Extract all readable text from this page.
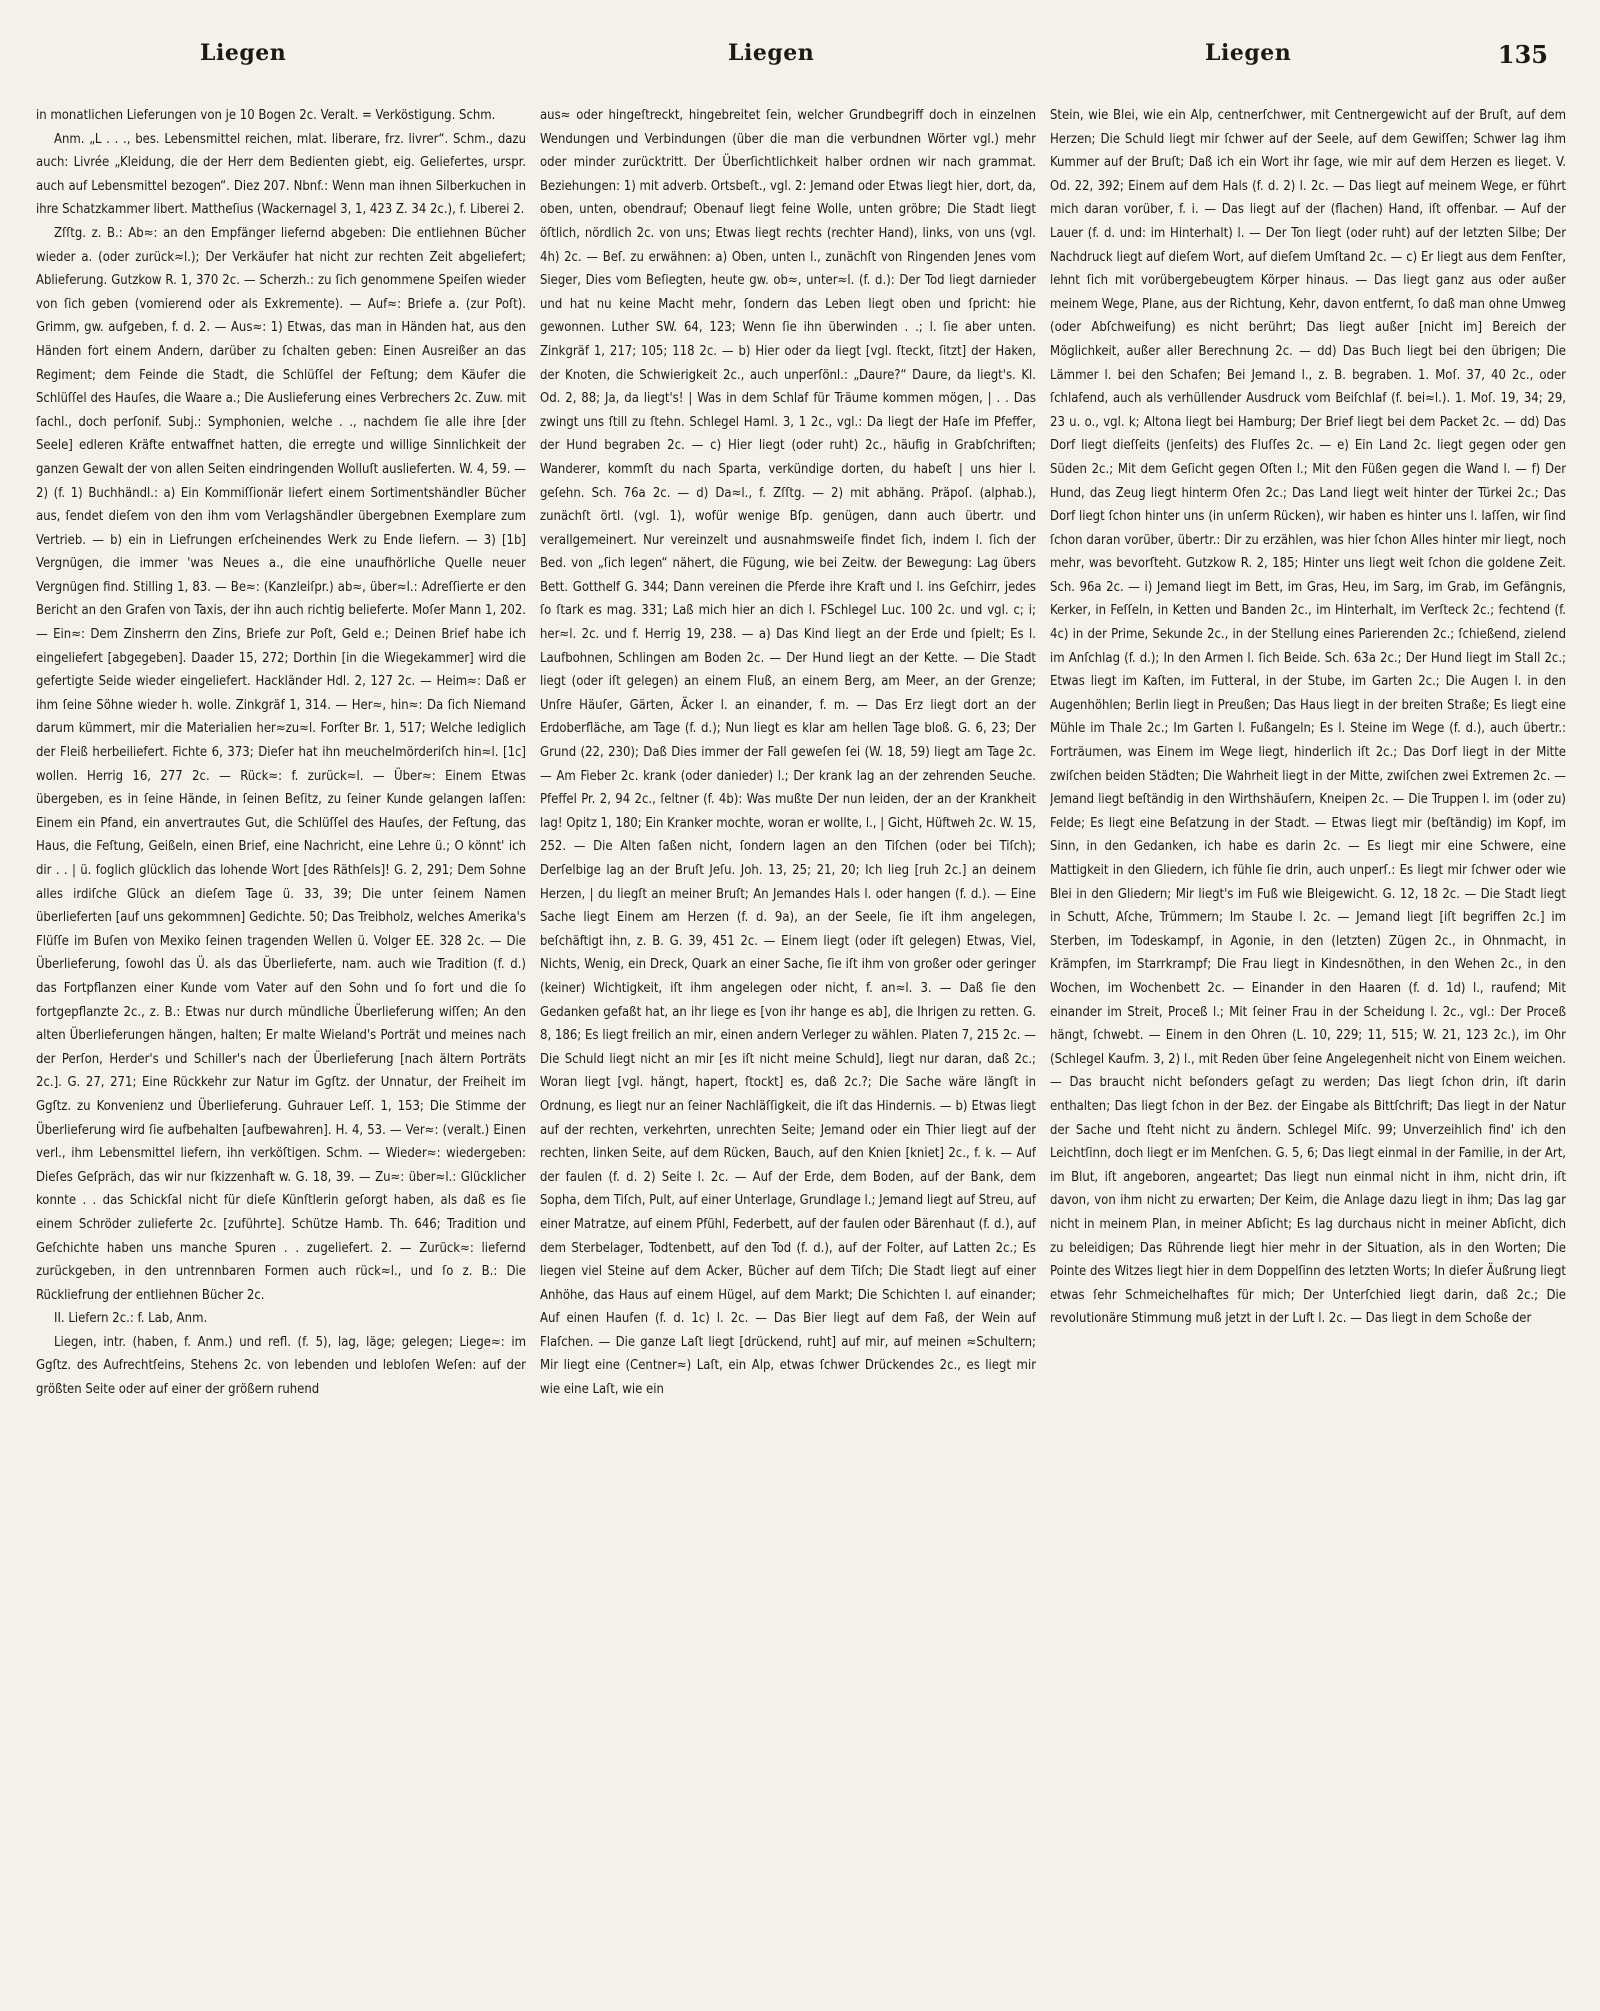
Liegen	Liegen	Liegen	135

in monatlichen Lieferungen von je 10 Bogen 2c. Veralt. = Verköstigung. Schm.

Anm. „L . . ., bes. Lebensmittel reichen, mlat. liberare, frz. livrer“. Schm., dazu auch: Livrée „Kleidung, die der Herr dem Bedienten giebt, eig. Geliefertes, urspr. auch auf Lebensmittel bezogen“. Diez 207. Nbnf.: Wenn man ihnen Silberkuchen in ihre Schatzkammer libert. Mattheſius (Wackernagel 3, 1, 423 Z. 34 2c.), f. Liberei 2.

Zſſtg. z. B.: Ab≈: an den Empfänger liefernd abgeben: Die entliehnen Bücher wieder a. (oder zurück≈l.); Der Verkäufer hat nicht zur rechten Zeit abgeliefert; Ablieferung. Gutzkow R. 1, 370 2c. — Scherzh.: zu ſich genommene Speiſen wieder von ſich geben (vomierend oder als Exkremente). — Auf≈: Briefe a. (zur Poſt). Grimm, gw. aufgeben, f. d. 2. — Aus≈: 1) Etwas, das man in Händen hat, aus den Händen fort einem Andern, darüber zu ſchalten geben: Einen Ausreißer an das Regiment; dem Feinde die Stadt, die Schlüſſel der Feſtung; dem Käufer die Schlüſſel des Hauſes, die Waare a.; Die Auslieferung eines Verbrechers 2c. Zuw. mit ſachl., doch perſonif. Subj.: Symphonien, welche . ., nachdem ſie alle ihre [der Seele] edleren Kräfte entwaffnet hatten, die erregte und willige Sinnlichkeit der ganzen Gewalt der von allen Seiten eindringenden Wolluſt auslieferten. W. 4, 59. — 2) (f. 1) Buchhändl.: a) Ein Kommiſſionär liefert einem Sortimentshändler Bücher aus, ſendet dieſem von den ihm vom Verlagshändler übergebnen Exemplare zum Vertrieb. — b) ein in Liefrungen erſcheinendes Werk zu Ende liefern. — 3) [1b] Vergnügen, die immer 'was Neues a., die eine unaufhörliche Quelle neuer Vergnügen find. Stilling 1, 83. — Be≈: (Kanzleiſpr.) ab≈, über≈l.: Adreſſierte er den Bericht an den Grafen von Taxis, der ihn auch richtig belieferte. Moſer Mann 1, 202. — Ein≈: Dem Zinsherrn den Zins, Briefe zur Poſt, Geld e.; Deinen Brief habe ich eingeliefert [abgegeben]. Daader 15, 272; Dorthin [in die Wiegekammer] wird die gefertigte Seide wieder eingeliefert. Hackländer Hdl. 2, 127 2c. — Heim≈: Daß er ihm ſeine Söhne wieder h. wolle. Zinkgräf 1, 314. — Her≈, hin≈: Da ſich Niemand darum kümmert, mir die Materialien her≈zu≈l. Forſter Br. 1, 517; Welche lediglich der Fleiß herbeiliefert. Fichte 6, 373; Dieſer hat ihn meuchelmörderiſch hin≈l. [1c] wollen. Herrig 16, 277 2c. — Rück≈: f. zurück≈l. — Über≈: Einem Etwas übergeben, es in ſeine Hände, in ſeinen Beſitz, zu ſeiner Kunde gelangen laſſen: Einem ein Pfand, ein anvertrautes Gut, die Schlüſſel des Hauſes, der Feſtung, das Haus, die Feſtung, Geißeln, einen Brief, eine Nachricht, eine Lehre ü.; O könnt' ich dir . . | ü. foglich glücklich das lohende Wort [des Räthſels]! G. 2, 291; Dem Sohne alles irdiſche Glück an dieſem Tage ü. 33, 39; Die unter ſeinem Namen überlieferten [auf uns gekommnen] Gedichte. 50; Das Treibholz, welches Amerika's Flüſſe im Buſen von Mexiko ſeinen tragenden Wellen ü. Volger EE. 328 2c. — Die Überlieferung, ſowohl das Ü. als das Überlieferte, nam. auch wie Tradition (f. d.) das Fortpflanzen einer Kunde vom Vater auf den Sohn und ſo fort und die ſo fortgepflanzte 2c., z. B.: Etwas nur durch mündliche Überlieferung wiſſen; An den alten Überlieferungen hängen, halten; Er malte Wieland's Porträt und meines nach der Perſon, Herder's und Schiller's nach der Überlieferung [nach ältern Porträts 2c.]. G. 27, 271; Eine Rückkehr zur Natur im Ggſtz. der Unnatur, der Freiheit im Ggſtz. zu Konvenienz und Überlieferung. Guhrauer Leſſ. 1, 153; Die Stimme der Überlieferung wird ſie aufbehalten [aufbewahren]. H. 4, 53. — Ver≈: (veralt.) Einen verl., ihm Lebensmittel liefern, ihn verköſtigen. Schm. — Wieder≈: wiedergeben: Dieſes Geſpräch, das wir nur ſkizzenhaft w. G. 18, 39. — Zu≈: über≈l.: Glücklicher konnte . . das Schickſal nicht für dieſe Künſtlerin geſorgt haben, als daß es ſie einem Schröder zulieferte 2c. [zuführte]. Schütze Hamb. Th. 646; Tradition und Geſchichte haben uns manche Spuren . . zugeliefert. 2. — Zurück≈: liefernd zurückgeben, in den untrennbaren Formen auch rück≈l., und ſo z. B.: Die Rückliefrung der entliehnen Bücher 2c.

II. Liefern 2c.: f. Lab, Anm.

Liegen, intr. (haben, f. Anm.) und refl. (f. 5), lag, läge; gelegen; Liege≈: im Ggſtz. des Aufrechtſeins, Stehens 2c. von lebenden und lebloſen Weſen: auf der größten Seite oder auf einer der größern ruhend

aus≈ oder hingeſtreckt, hingebreitet ſein, welcher Grundbegriff doch in einzelnen Wendungen und Verbindungen (über die man die verbundnen Wörter vgl.) mehr oder minder zurücktritt. Der Überſichtlichkeit halber ordnen wir nach grammat. Beziehungen: 1) mit adverb. Ortsbeſt., vgl. 2: Jemand oder Etwas liegt hier, dort, da, oben, unten, obendrauf; Obenauf liegt feine Wolle, unten gröbre; Die Stadt liegt öſtlich, nördlich 2c. von uns; Etwas liegt rechts (rechter Hand), links, von uns (vgl. 4h) 2c. — Beſ. zu erwähnen: a) Oben, unten l., zunächſt von Ringenden Jenes vom Sieger, Dies vom Beſiegten, heute gw. ob≈, unter≈l. (f. d.): Der Tod liegt darnieder und hat nu keine Macht mehr, ſondern das Leben liegt oben und ſpricht: hie gewonnen. Luther SW. 64, 123; Wenn ſie ihn überwinden . .; l. ſie aber unten. Zinkgräf 1, 217; 105; 118 2c. — b) Hier oder da liegt [vgl. ſteckt, ſitzt] der Haken, der Knoten, die Schwierigkeit 2c., auch unperſönl.: „Daure?“ Daure, da liegt's. Kl. Od. 2, 88; Ja, da liegt's! | Was in dem Schlaf für Träume kommen mögen, | . . Das zwingt uns ſtill zu ſtehn. Schlegel Haml. 3, 1 2c., vgl.: Da liegt der Haſe im Pfeffer, der Hund begraben 2c. — c) Hier liegt (oder ruht) 2c., häufig in Grabſchriften; Wanderer, kommſt du nach Sparta, verkündige dorten, du habeſt | uns hier l. geſehn. Sch. 76a 2c. — d) Da≈l., f. Zſſtg. — 2) mit abhäng. Präpoſ. (alphab.), zunächſt örtl. (vgl. 1), wofür wenige Bſp. genügen, dann auch übertr. und verallgemeinert. Nur vereinzelt und ausnahmsweiſe findet ſich, indem l. ſich der Bed. von „ſich legen“ nähert, die Fügung, wie bei Zeitw. der Bewegung: Lag übers Bett. Gotthelf G. 344; Dann vereinen die Pferde ihre Kraft und l. ins Geſchirr, jedes ſo ſtark es mag. 331; Laß mich hier an dich l. FSchlegel Luc. 100 2c. und vgl. c; i; her≈l. 2c. und f. Herrig 19, 238. — a) Das Kind liegt an der Erde und ſpielt; Es l. Laufbohnen, Schlingen am Boden 2c. — Der Hund liegt an der Kette. — Die Stadt liegt (oder iſt gelegen) an einem Fluß, an einem Berg, am Meer, an der Grenze; Unſre Häuſer, Gärten, Äcker l. an einander, f. m. — Das Erz liegt dort an der Erdoberfläche, am Tage (f. d.); Nun liegt es klar am hellen Tage bloß. G. 6, 23; Der Grund (22, 230); Daß Dies immer der Fall geweſen ſei (W. 18, 59) liegt am Tage 2c. — Am Fieber 2c. krank (oder danieder) l.; Der krank lag an der zehrenden Seuche. Pfeffel Pr. 2, 94 2c., ſeltner (f. 4b): Was mußte Der nun leiden, der an der Krankheit lag! Opitz 1, 180; Ein Kranker mochte, woran er wollte, l., | Gicht, Hüftweh 2c. W. 15, 252. — Die Alten ſaßen nicht, ſondern lagen an den Tiſchen (oder bei Tiſch); Derſelbige lag an der Bruſt Jeſu. Joh. 13, 25; 21, 20; Ich lieg [ruh 2c.] an deinem Herzen, | du liegſt an meiner Bruſt; An Jemandes Hals l. oder hangen (f. d.). — Eine Sache liegt Einem am Herzen (f. d. 9a), an der Seele, ſie iſt ihm angelegen, beſchäftigt ihn, z. B. G. 39, 451 2c. — Einem liegt (oder iſt gelegen) Etwas, Viel, Nichts, Wenig, ein Dreck, Quark an einer Sache, ſie iſt ihm von großer oder geringer (keiner) Wichtigkeit, iſt ihm angelegen oder nicht, f. an≈l. 3. — Daß ſie den Gedanken gefaßt hat, an ihr liege es [von ihr hange es ab], die Ihrigen zu retten. G. 8, 186; Es liegt freilich an mir, einen andern Verleger zu wählen. Platen 7, 215 2c. — Die Schuld liegt nicht an mir [es iſt nicht meine Schuld], liegt nur daran, daß 2c.; Woran liegt [vgl. hängt, hapert, ſtockt] es, daß 2c.?; Die Sache wäre längſt in Ordnung, es liegt nur an ſeiner Nachläſſigkeit, die iſt das Hindernis. — b) Etwas liegt auf der rechten, verkehrten, unrechten Seite; Jemand oder ein Thier liegt auf der rechten, linken Seite, auf dem Rücken, Bauch, auf den Knien [kniet] 2c., f. k. — Auf der faulen (f. d. 2) Seite l. 2c. — Auf der Erde, dem Boden, auf der Bank, dem Sopha, dem Tiſch, Pult, auf einer Unterlage, Grundlage l.; Jemand liegt auf Streu, auf einer Matratze, auf einem Pfühl, Federbett, auf der faulen oder Bärenhaut (f. d.), auf dem Sterbelager, Todtenbett, auf den Tod (f. d.), auf der Folter, auf Latten 2c.; Es liegen viel Steine auf dem Acker, Bücher auf dem Tiſch; Die Stadt liegt auf einer Anhöhe, das Haus auf einem Hügel, auf dem Markt; Die Schichten l. auf einander; Auf einen Haufen (f. d. 1c) l. 2c. — Das Bier liegt auf dem Faß, der Wein auf Flaſchen. — Die ganze Laſt liegt [drückend, ruht] auf mir, auf meinen ≈Schultern; Mir liegt eine (Centner≈) Laſt, ein Alp, etwas ſchwer Drückendes 2c., es liegt mir wie eine Laſt, wie ein

Stein, wie Blei, wie ein Alp, centnerſchwer, mit Centnergewicht auf der Bruſt, auf dem Herzen; Die Schuld liegt mir ſchwer auf der Seele, auf dem Gewiſſen; Schwer lag ihm Kummer auf der Bruſt; Daß ich ein Wort ihr ſage, wie mir auf dem Herzen es lieget. V. Od. 22, 392; Einem auf dem Hals (f. d. 2) l. 2c. — Das liegt auf meinem Wege, er führt mich daran vorüber, f. i. — Das liegt auf der (flachen) Hand, iſt offenbar. — Auf der Lauer (f. d. und: im Hinterhalt) l. — Der Ton liegt (oder ruht) auf der letzten Silbe; Der Nachdruck liegt auf dieſem Wort, auf dieſem Umſtand 2c. — c) Er liegt aus dem Fenſter, lehnt ſich mit vorübergebeugtem Körper hinaus. — Das liegt ganz aus oder außer meinem Wege, Plane, aus der Richtung, Kehr, davon entfernt, ſo daß man ohne Umweg (oder Abſchweifung) es nicht berührt; Das liegt außer [nicht im] Bereich der Möglichkeit, außer aller Berechnung 2c. — dd) Das Buch liegt bei den übrigen; Die Lämmer l. bei den Schafen; Bei Jemand l., z. B. begraben. 1. Moſ. 37, 40 2c., oder ſchlafend, auch als verhüllender Ausdruck vom Beiſchlaf (f. bei≈l.). 1. Moſ. 19, 34; 29, 23 u. o., vgl. k; Altona liegt bei Hamburg; Der Brief liegt bei dem Packet 2c. — dd) Das Dorf liegt dieſſeits (jenſeits) des Fluſſes 2c. — e) Ein Land 2c. liegt gegen oder gen Süden 2c.; Mit dem Geſicht gegen Oſten l.; Mit den Füßen gegen die Wand l. — f) Der Hund, das Zeug liegt hinterm Ofen 2c.; Das Land liegt weit hinter der Türkei 2c.; Das Dorf liegt ſchon hinter uns (in unſerm Rücken), wir haben es hinter uns l. laſſen, wir ſind ſchon daran vorüber, übertr.: Dir zu erzählen, was hier ſchon Alles hinter mir liegt, noch mehr, was bevorſteht. Gutzkow R. 2, 185; Hinter uns liegt weit ſchon die goldene Zeit. Sch. 96a 2c. — i) Jemand liegt im Bett, im Gras, Heu, im Sarg, im Grab, im Gefängnis, Kerker, in Feſſeln, in Ketten und Banden 2c., im Hinterhalt, im Verſteck 2c.; fechtend (f. 4c) in der Prime, Sekunde 2c., in der Stellung eines Parierenden 2c.; ſchießend, zielend im Anſchlag (f. d.); In den Armen l. ſich Beide. Sch. 63a 2c.; Der Hund liegt im Stall 2c.; Etwas liegt im Kaſten, im Futteral, in der Stube, im Garten 2c.; Die Augen l. in den Augenhöhlen; Berlin liegt in Preußen; Das Haus liegt in der breiten Straße; Es liegt eine Mühle im Thale 2c.; Im Garten l. Fußangeln; Es l. Steine im Wege (f. d.), auch übertr.: Forträumen, was Einem im Wege liegt, hinderlich iſt 2c.; Das Dorf liegt in der Mitte zwiſchen beiden Städten; Die Wahrheit liegt in der Mitte, zwiſchen zwei Extremen 2c. — Jemand liegt beſtändig in den Wirthshäuſern, Kneipen 2c. — Die Truppen l. im (oder zu) Felde; Es liegt eine Beſatzung in der Stadt. — Etwas liegt mir (beſtändig) im Kopf, im Sinn, in den Gedanken, ich habe es darin 2c. — Es liegt mir eine Schwere, eine Mattigkeit in den Gliedern, ich fühle ſie drin, auch unperſ.: Es liegt mir ſchwer oder wie Blei in den Gliedern; Mir liegt's im Fuß wie Bleigewicht. G. 12, 18 2c. — Die Stadt liegt in Schutt, Aſche, Trümmern; Im Staube l. 2c. — Jemand liegt [iſt begriffen 2c.] im Sterben, im Todeskampf, in Agonie, in den (letzten) Zügen 2c., in Ohnmacht, in Krämpfen, im Starrkrampf; Die Frau liegt in Kindesnöthen, in den Wehen 2c., in den Wochen, im Wochenbett 2c. — Einander in den Haaren (f. d. 1d) l., raufend; Mit einander im Streit, Proceß l.; Mit ſeiner Frau in der Scheidung l. 2c., vgl.: Der Proceß hängt, ſchwebt. — Einem in den Ohren (L. 10, 229; 11, 515; W. 21, 123 2c.), im Ohr (Schlegel Kaufm. 3, 2) l., mit Reden über ſeine Angelegenheit nicht von Einem weichen. — Das braucht nicht beſonders geſagt zu werden; Das liegt ſchon drin, iſt darin enthalten; Das liegt ſchon in der Bez. der Eingabe als Bittſchrift; Das liegt in der Natur der Sache und ſteht nicht zu ändern. Schlegel Miſc. 99; Unverzeihlich find' ich den Leichtſinn, doch liegt er im Menſchen. G. 5, 6; Das liegt einmal in der Familie, in der Art, im Blut, iſt angeboren, angeartet; Das liegt nun einmal nicht in ihm, nicht drin, iſt davon, von ihm nicht zu erwarten; Der Keim, die Anlage dazu liegt in ihm; Das lag gar nicht in meinem Plan, in meiner Abſicht; Es lag durchaus nicht in meiner Abſicht, dich zu beleidigen; Das Rührende liegt hier mehr in der Situation, als in den Worten; Die Pointe des Witzes liegt hier in dem Doppelſinn des letzten Worts; In dieſer Äußrung liegt etwas ſehr Schmeichelhaftes für mich; Der Unterſchied liegt darin, daß 2c.; Die revolutionäre Stimmung muß jetzt in der Luft l. 2c. — Das liegt in dem Schoße der
